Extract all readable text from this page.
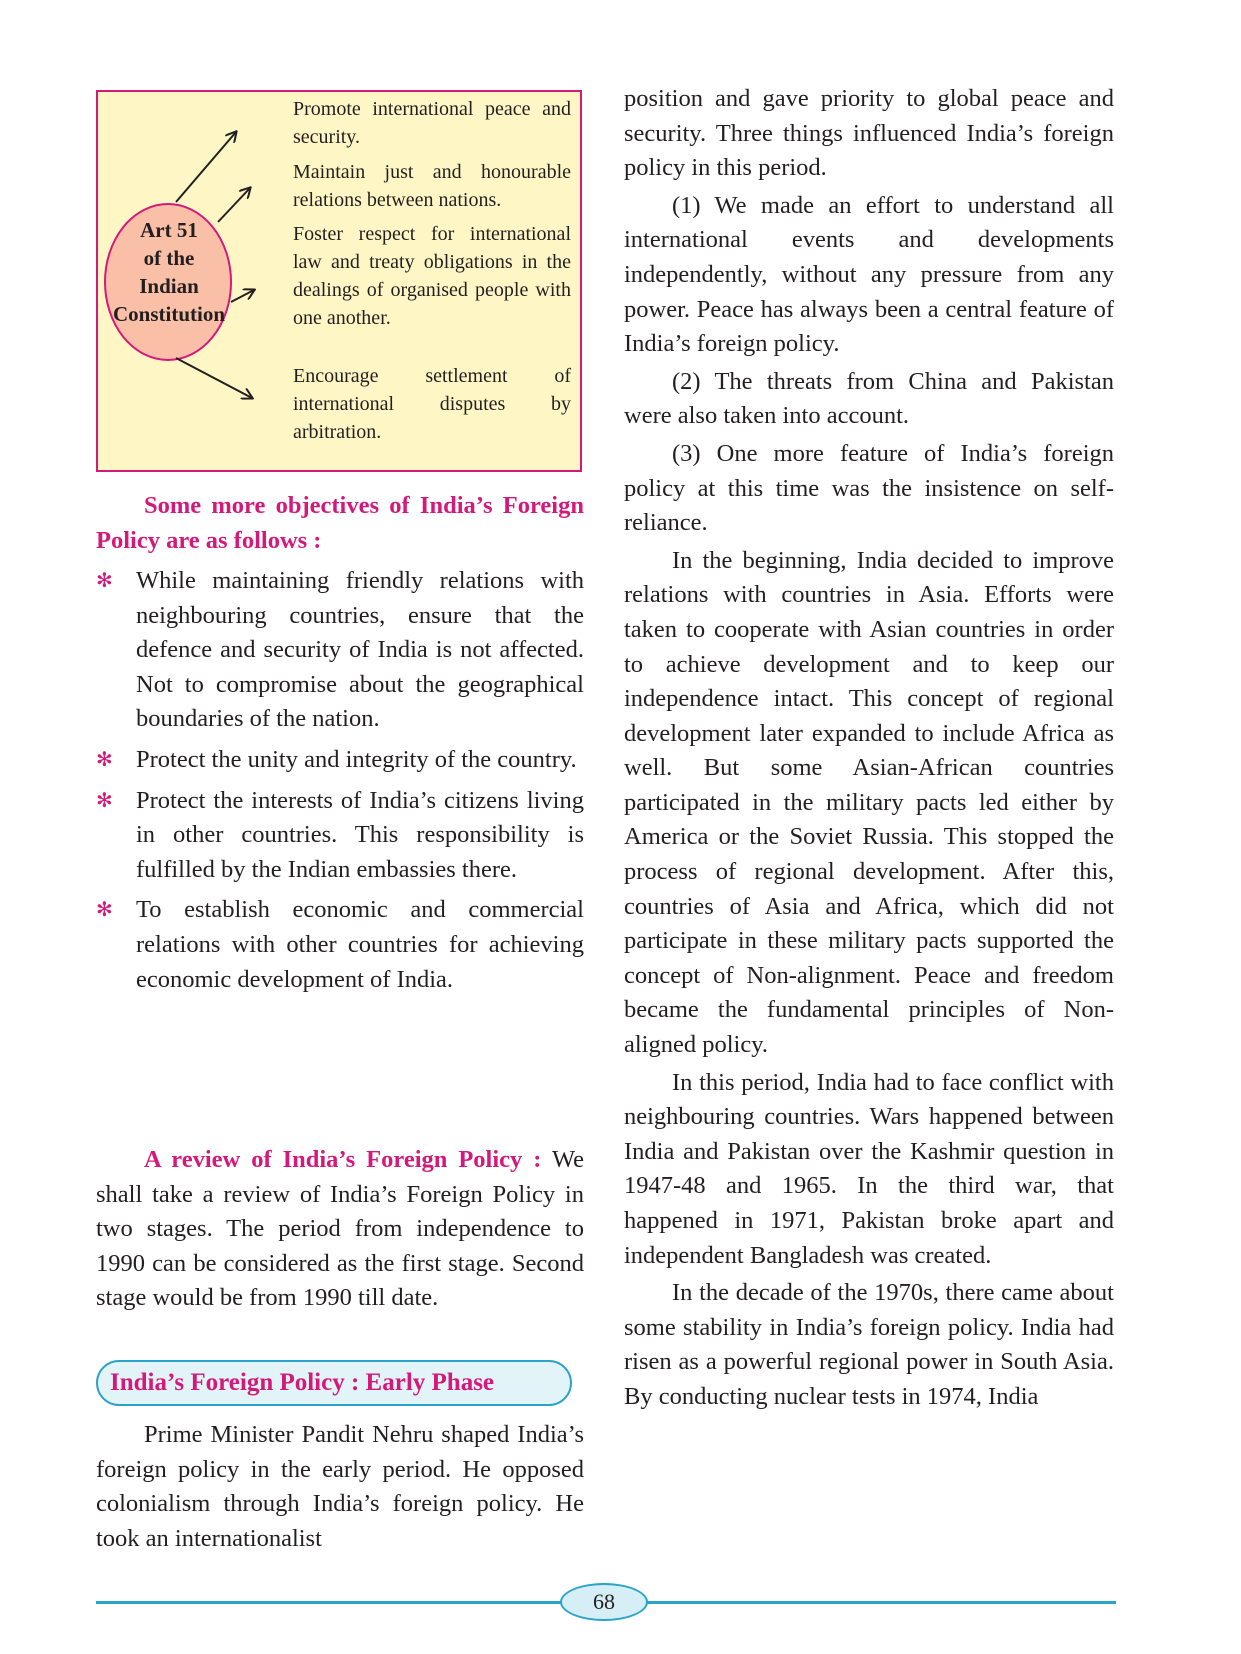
Art 51
of the
Indian
Constitution
Promote international peace and security.
Maintain just and honourable relations between nations.
Foster respect for international law and treaty obligations in the dealings of organised people with one another.
Encourage settlement of international disputes by arbitration.
Some more objectives of India’s Foreign Policy are as follows :
✻ While maintaining friendly relations with neighbouring countries, ensure that the defence and security of India is not affected. Not to compromise about the geographical boundaries of the nation.
✻ Protect the unity and integrity of the country.
✻ Protect the interests of India’s citizens living in other countries. This responsibility is fulfilled by the Indian embassies there.
✻ To establish economic and commercial relations with other countries for achieving economic development of India.

A review of India’s Foreign Policy : We shall take a review of India’s Foreign Policy in two stages. The period from independence to 1990 can be considered as the first stage. Second stage would be from 1990 till date.

India’s Foreign Policy : Early Phase
Prime Minister Pandit Nehru shaped India’s foreign policy in the early period. He opposed colonialism through India’s foreign policy. He took an internationalist

position and gave priority to global peace and security. Three things influenced India’s foreign policy in this period.

(1) We made an effort to understand all international events and developments independently, without any pressure from any power. Peace has always been a central feature of India’s foreign policy.

(2) The threats from China and Pakistan were also taken into account.

(3) One more feature of India’s foreign policy at this time was the insistence on self-reliance.

In the beginning, India decided to improve relations with countries in Asia. Efforts were taken to cooperate with Asian countries in order to achieve development and to keep our independence intact. This concept of regional development later expanded to include Africa as well. But some Asian-African countries participated in the military pacts led either by America or the Soviet Russia. This stopped the process of regional development. After this, countries of Asia and Africa, which did not participate in these military pacts supported the concept of Non-alignment. Peace and freedom became the fundamental principles of Non-aligned policy.

In this period, India had to face conflict with neighbouring countries. Wars happened between India and Pakistan over the Kashmir question in 1947-48 and 1965. In the third war, that happened in 1971, Pakistan broke apart and independent Bangladesh was created.

In the decade of the 1970s, there came about some stability in India’s foreign policy. India had risen as a powerful regional power in South Asia. By conducting nuclear tests in 1974, India

68
